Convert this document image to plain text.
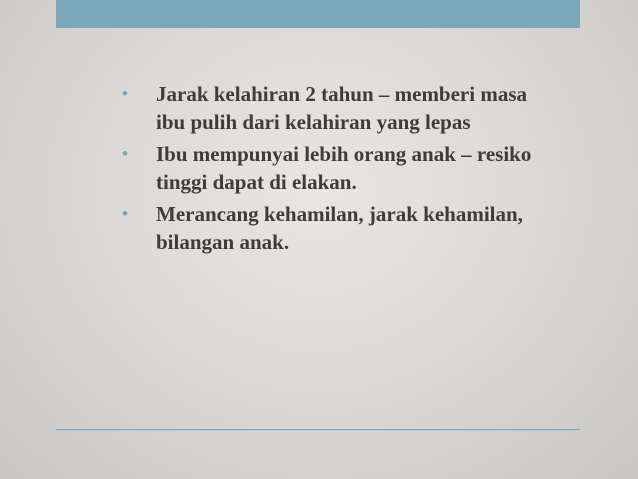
• Jarak kelahiran 2 tahun – memberi masa ibu pulih dari kelahiran yang lepas
• Ibu mempunyai lebih orang anak – resiko tinggi dapat di elakan.
• Merancang kehamilan, jarak kehamilan, bilangan anak.
